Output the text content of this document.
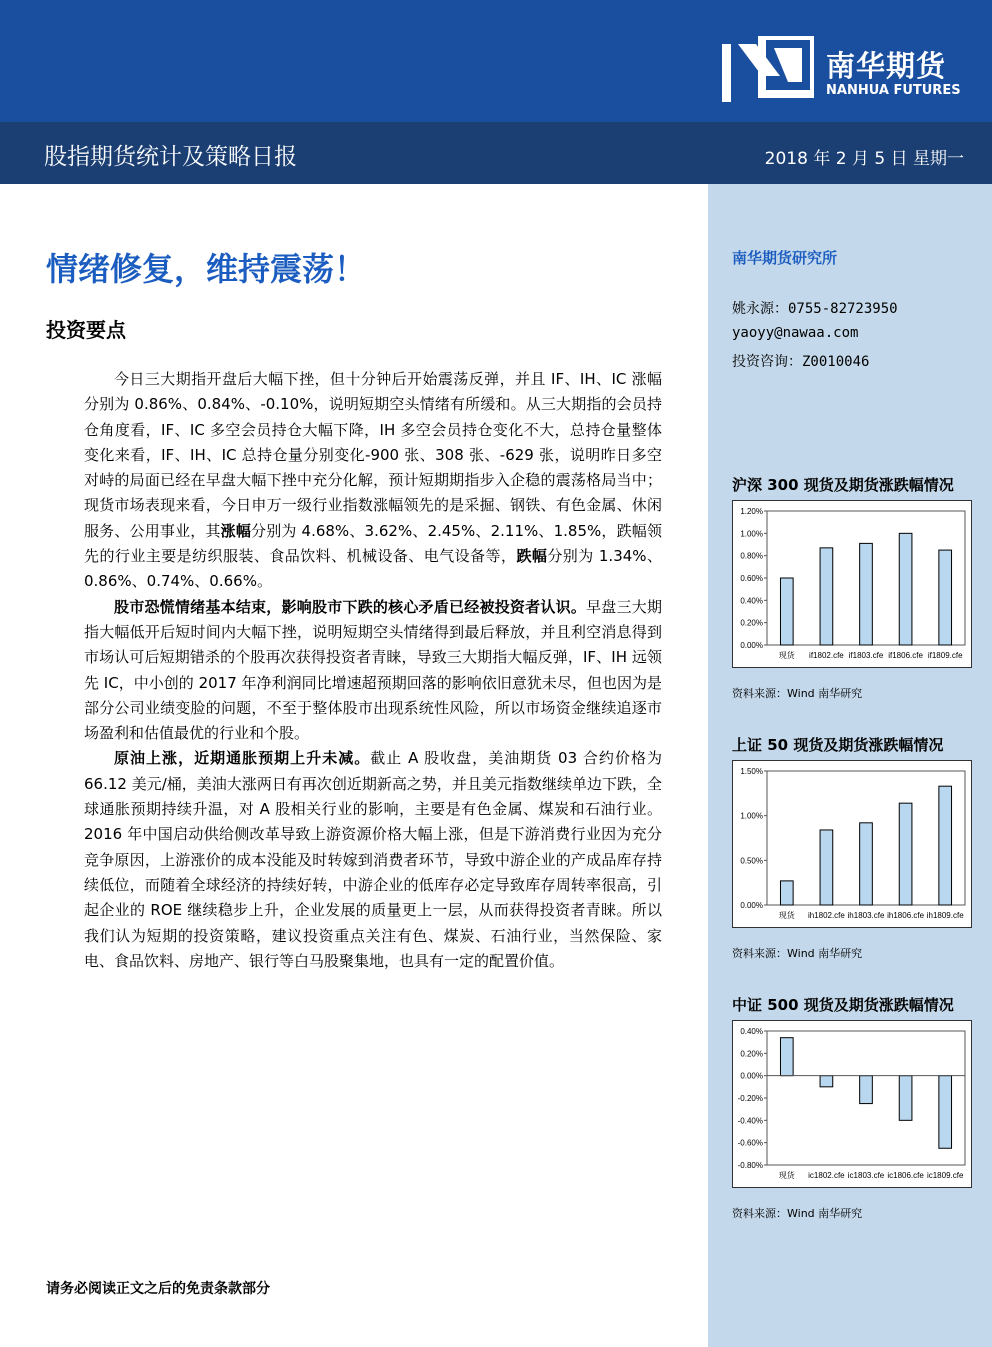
南华期货
NANHUA FUTURES
股指期货统计及策略日报	2018 年 2 月 5 日 星期一
情绪修复，维持震荡！
投资要点

今日三大期指开盘后大幅下挫，但十分钟后开始震荡反弹，并且 IF、IH、IC 涨幅分别为 0.86%、0.84%、-0.10%，说明短期空头情绪有所缓和。从三大期指的会员持仓角度看，IF、IC 多空会员持仓大幅下降，IH 多空会员持仓变化不大，总持仓量整体变化来看，IF、IH、IC 总持仓量分别变化-900 张、308 张、-629 张，说明昨日多空对峙的局面已经在早盘大幅下挫中充分化解，预计短期期指步入企稳的震荡格局当中；现货市场表现来看，今日申万一级行业指数涨幅领先的是采掘、钢铁、有色金属、休闲服务、公用事业，其涨幅分别为 4.68%、3.62%、2.45%、2.11%、1.85%，跌幅领先的行业主要是纺织服装、食品饮料、机械设备、电气设备等，跌幅分别为 1.34%、0.86%、0.74%、0.66%。

股市恐慌情绪基本结束，影响股市下跌的核心矛盾已经被投资者认识。早盘三大期指大幅低开后短时间内大幅下挫，说明短期空头情绪得到最后释放，并且利空消息得到市场认可后短期错杀的个股再次获得投资者青睐，导致三大期指大幅反弹，IF、IH 远领先 IC，中小创的 2017 年净利润同比增速超预期回落的影响依旧意犹未尽，但也因为是部分公司业绩变脸的问题，不至于整体股市出现系统性风险，所以市场资金继续追逐市场盈利和估值最优的行业和个股。

原油上涨，近期通胀预期上升未减。截止 A 股收盘，美油期货 03 合约价格为 66.12 美元/桶，美油大涨两日有再次创近期新高之势，并且美元指数继续单边下跌，全球通胀预期持续升温，对 A 股相关行业的影响，主要是有色金属、煤炭和石油行业。2016 年中国启动供给侧改革导致上游资源价格大幅上涨，但是下游消费行业因为充分竞争原因，上游涨价的成本没能及时转嫁到消费者环节，导致中游企业的产成品库存持续低位，而随着全球经济的持续好转，中游企业的低库存必定导致库存周转率很高，引起企业的 ROE 继续稳步上升，企业发展的质量更上一层，从而获得投资者青睐。所以我们认为短期的投资策略，建议投资重点关注有色、煤炭、石油行业，当然保险、家电、食品饮料、房地产、银行等白马股聚集地，也具有一定的配置价值。

请务必阅读正文之后的免责条款部分
南华期货研究所
姚永源：0755-82723950
yaoyy@nawaa.com
投资咨询：Z0010046
沪深 300 现货及期货涨跌幅情况
0.00%
0.20%
0.40%
0.60%
0.80%
1.00%
1.20%
现货 if1802.cfe if1803.cfe if1806.cfe if1809.cfe
资料来源：Wind 南华研究
上证 50 现货及期货涨跌幅情况
0.00%
0.50%
1.00%
1.50%
现货 ih1802.cfe ih1803.cfe ih1806.cfe ih1809.cfe
资料来源：Wind 南华研究
中证 500 现货及期货涨跌幅情况
-0.80%
-0.60%
-0.40%
-0.20%
0.00%
0.20%
0.40%
现货 ic1802.cfe ic1803.cfe ic1806.cfe ic1809.cfe
资料来源：Wind 南华研究
